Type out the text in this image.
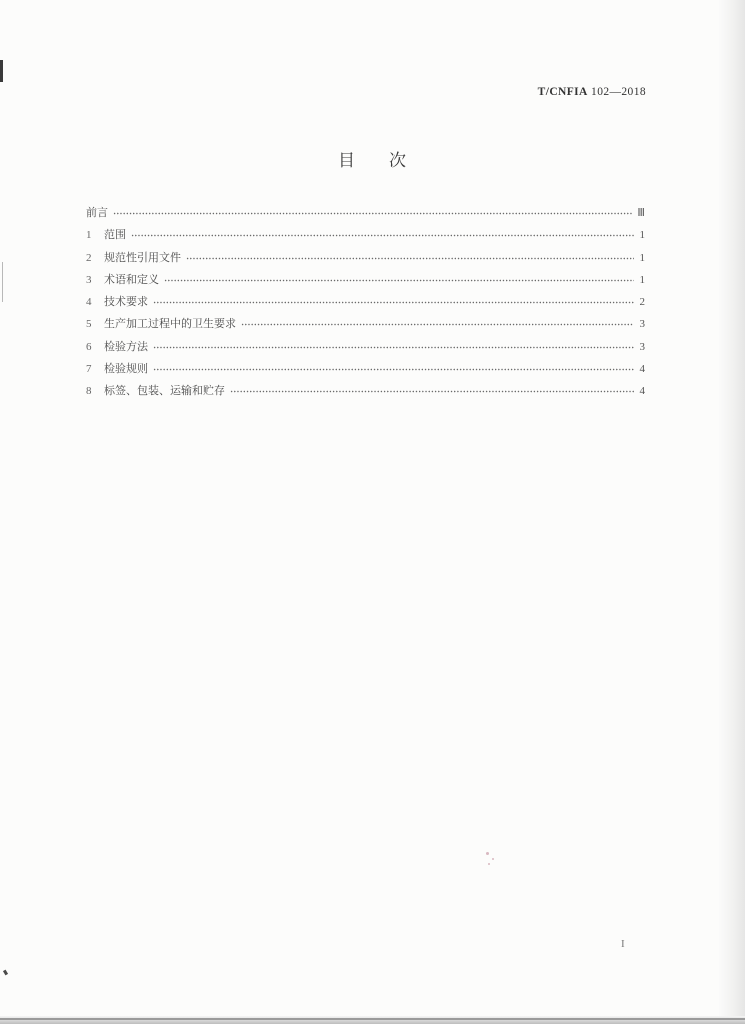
T/CNFIA 102—2018
目次
前言	Ⅲ
1	范围	1
2	规范性引用文件	1
3	术语和定义	1
4	技术要求	2
5	生产加工过程中的卫生要求	3
6	检验方法	3
7	检验规则	4
8	标签、包装、运输和贮存	4
I
